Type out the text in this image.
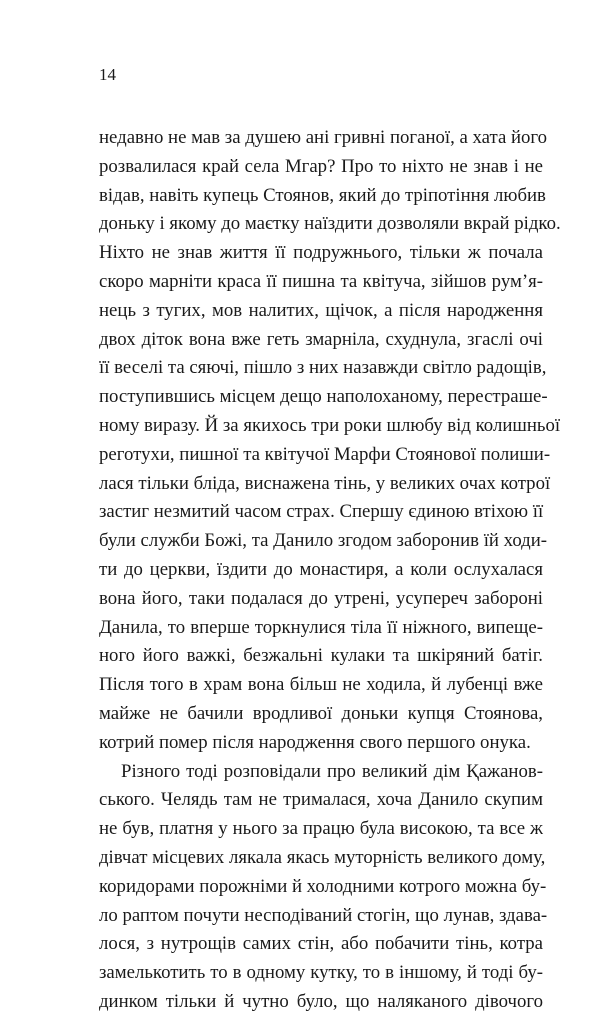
14
недавно не мав за душею ані гривні поганої, а хата його
розвалилася край села Мгар? Про то ніхто не знав і не
відав, навіть купець Стоянов, який до тріпотіння любив
доньку і якому до маєтку наїздити дозволяли вкрай рідко.
Ніхто не знав життя її подружнього, тільки ж почала
скоро марніти краса її пишна та квітуча, зійшов рум’я-
нець з тугих, мов налитих, щічок, а після народження
двох діток вона вже геть змарніла, схуднула, згаслі очі
її веселі та сяючі, пішло з них назавжди світло радощів,
поступившись місцем дещо наполоханому, перестраше-
ному виразу. Й за якихось три роки шлюбу від колишньої
реготухи, пишної та квітучої Марфи Стоянової полиши-
лася тільки бліда, виснажена тінь, у великих очах котрої
застиг незмитий часом страх. Спершу єдиною втіхою її
були служби Божі, та Данило згодом заборонив їй ходи-
ти до церкви, їздити до монастиря, а коли ослухалася
вона його, таки подалася до утрені, усупереч забороні
Данила, то вперше торкнулися тіла її ніжного, випеще-
ного його важкі, безжальні кулаки та шкіряний батіг.
Після того в храм вона більш не ходила, й лубенці вже
майже не бачили вродливої доньки купця Стоянова,
котрий помер після народження свого першого онука.
Різного тоді розповідали про великий дім Қажанов-
ського. Челядь там не трималася, хоча Данило скупим
не був, платня у нього за працю була високою, та все ж
дівчат місцевих лякала якась муторність великого дому,
коридорами порожніми й холодними котрого можна бу-
ло раптом почути несподіваний стогін, що лунав, здава-
лося, з нутрощів самих стін, або побачити тінь, котра
замелькотить то в одному кутку, то в іншому, й тоді бу-
динком тільки й чутно було, що наляканого дівочого
